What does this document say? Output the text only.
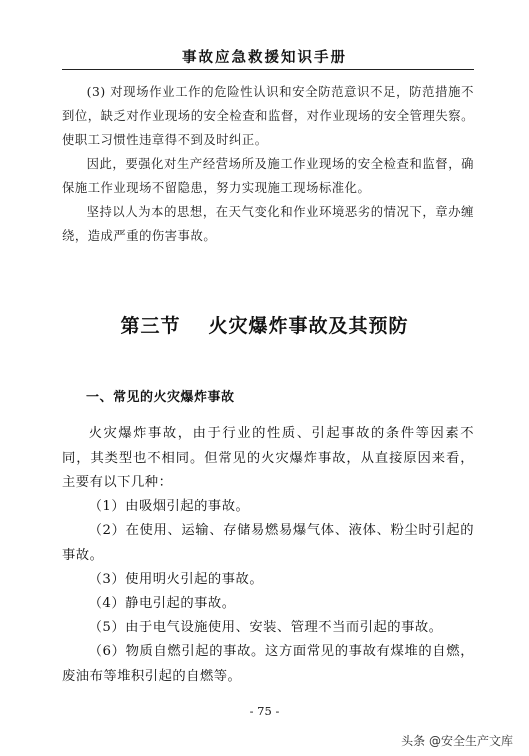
事故应急救援知识手册

(3) 对现场作业工作的危险性认识和安全防范意识不足，防范措施不到位，缺乏对作业现场的安全检查和监督，对作业现场的安全管理失察。使职工习惯性违章得不到及时纠正。

因此，要强化对生产经营场所及施工作业现场的安全检查和监督，确保施工作业现场不留隐患，努力实现施工现场标准化。

坚持以人为本的思想，在天气变化和作业环境恶劣的情况下，章办缠绕，造成严重的伤害事故。

第三节 火灾爆炸事故及其预防
一、常见的火灾爆炸事故

火灾爆炸事故，由于行业的性质、引起事故的条件等因素不同，其类型也不相同。但常见的火灾爆炸事故，从直接原因来看，主要有以下几种：

（1）由吸烟引起的事故。

（2）在使用、运输、存储易燃易爆气体、液体、粉尘时引起的事故。

（3）使用明火引起的事故。

（4）静电引起的事故。

（5）由于电气设施使用、安装、管理不当而引起的事故。

（6）物质自燃引起的事故。这方面常见的事故有煤堆的自燃，废油布等堆积引起的自燃等。

- 75 -
头条 @安全生产文库
